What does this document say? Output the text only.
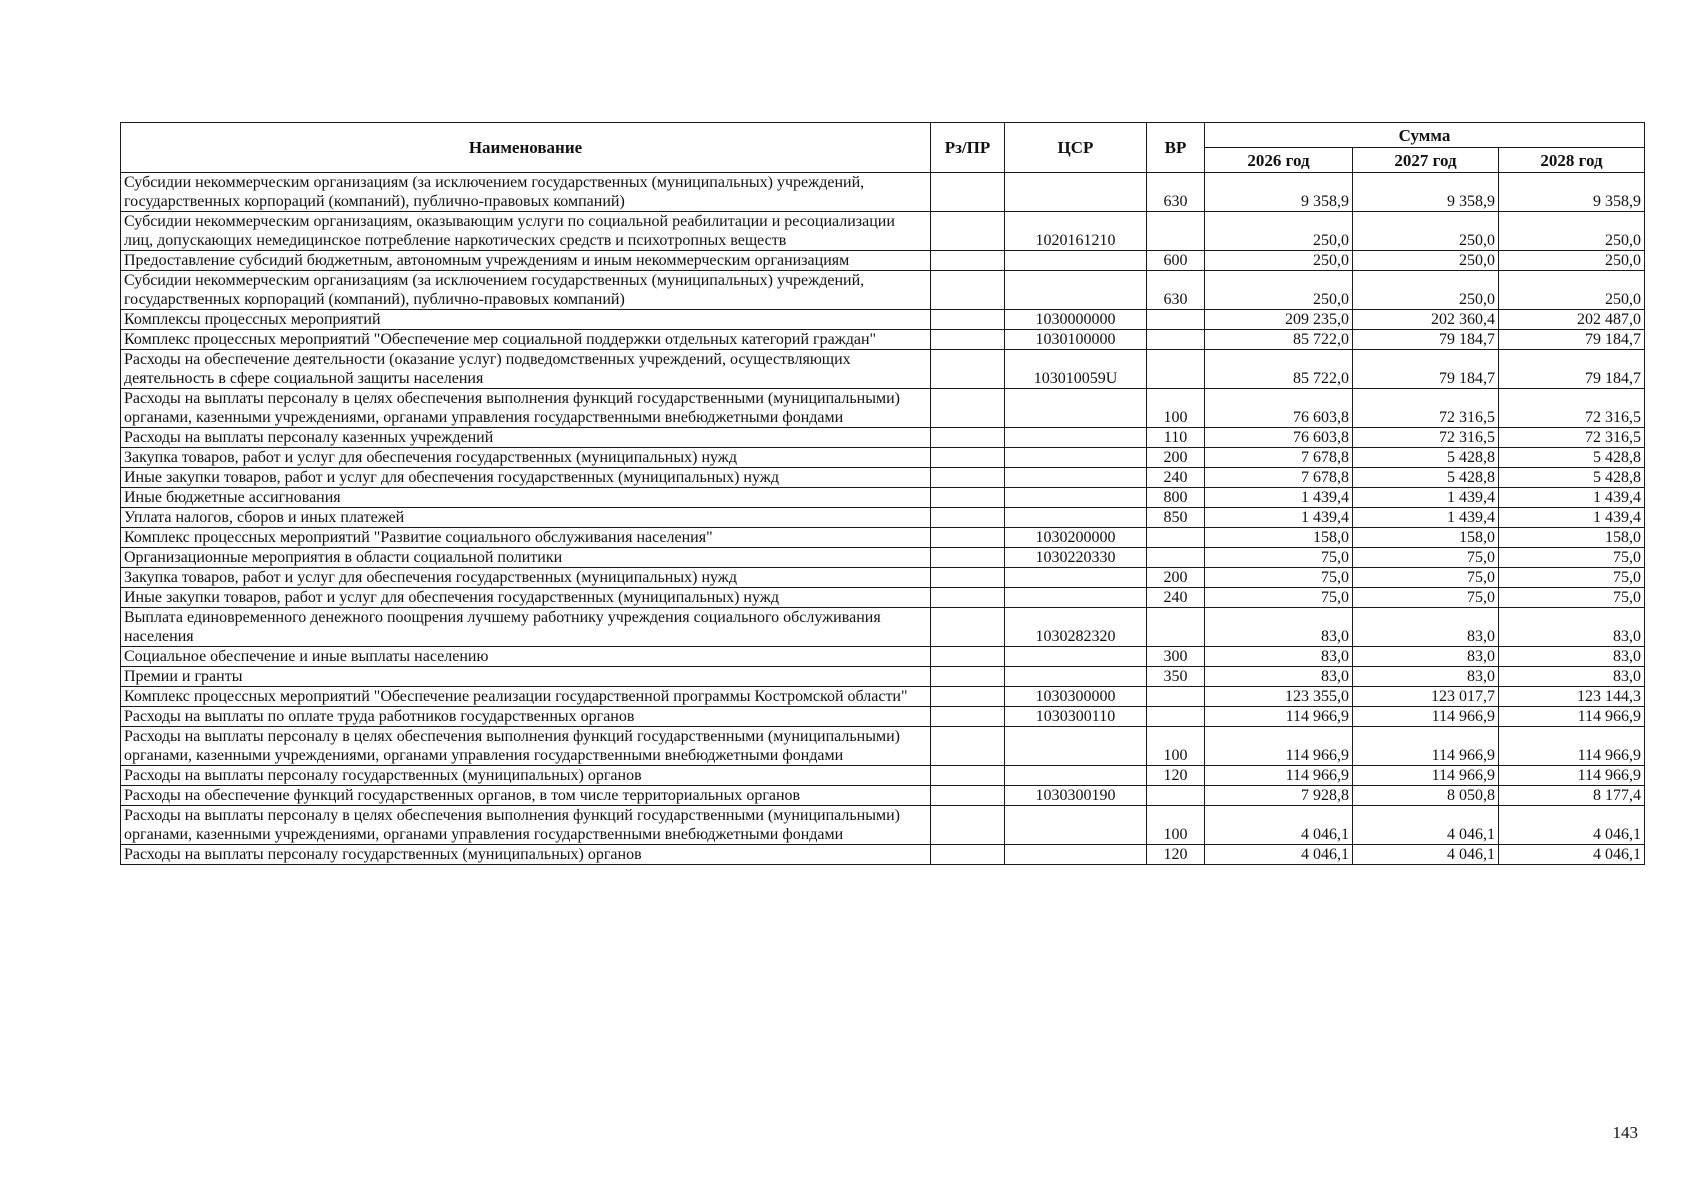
Наименование	Рз/ПР	ЦСР	ВР	Сумма		
				2026 год	2027 год	2028 год
Субсидии некоммерческим организациям (за исключением государственных (муниципальных) учреждений, государственных корпораций (компаний), публично-правовых компаний)			630	9 358,9	9 358,9	9 358,9
Субсидии некоммерческим организациям, оказывающим услуги по социальной реабилитации и ресоциализации лиц, допускающих немедицинское потребление наркотических средств и психотропных веществ		1020161210		250,0	250,0	250,0
Предоставление субсидий бюджетным, автономным учреждениям и иным некоммерческим организациям			600	250,0	250,0	250,0
Субсидии некоммерческим организациям (за исключением государственных (муниципальных) учреждений, государственных корпораций (компаний), публично-правовых компаний)			630	250,0	250,0	250,0
Комплексы процессных мероприятий		1030000000		209 235,0	202 360,4	202 487,0
Комплекс процессных мероприятий "Обеспечение мер социальной поддержки отдельных категорий граждан"		1030100000		85 722,0	79 184,7	79 184,7
Расходы на обеспечение деятельности (оказание услуг) подведомственных учреждений, осуществляющих деятельность в сфере социальной защиты населения		103010059U		85 722,0	79 184,7	79 184,7
Расходы на выплаты персоналу в целях обеспечения выполнения функций государственными (муниципальными) органами, казенными учреждениями, органами управления государственными внебюджетными фондами			100	76 603,8	72 316,5	72 316,5
Расходы на выплаты персоналу казенных учреждений			110	76 603,8	72 316,5	72 316,5
Закупка товаров, работ и услуг для обеспечения государственных (муниципальных) нужд			200	7 678,8	5 428,8	5 428,8
Иные закупки товаров, работ и услуг для обеспечения государственных (муниципальных) нужд			240	7 678,8	5 428,8	5 428,8
Иные бюджетные ассигнования			800	1 439,4	1 439,4	1 439,4
Уплата налогов, сборов и иных платежей			850	1 439,4	1 439,4	1 439,4
Комплекс процессных мероприятий "Развитие социального обслуживания населения"		1030200000		158,0	158,0	158,0
Организационные мероприятия в области социальной политики		1030220330		75,0	75,0	75,0
Закупка товаров, работ и услуг для обеспечения государственных (муниципальных) нужд			200	75,0	75,0	75,0
Иные закупки товаров, работ и услуг для обеспечения государственных (муниципальных) нужд			240	75,0	75,0	75,0
Выплата единовременного денежного поощрения лучшему работнику учреждения социального обслуживания населения		1030282320		83,0	83,0	83,0
Социальное обеспечение и иные выплаты населению			300	83,0	83,0	83,0
Премии и гранты			350	83,0	83,0	83,0
Комплекс процессных мероприятий "Обеспечение реализации государственной программы Костромской области"		1030300000		123 355,0	123 017,7	123 144,3
Расходы на выплаты по оплате труда работников государственных органов		1030300110		114 966,9	114 966,9	114 966,9
Расходы на выплаты персоналу в целях обеспечения выполнения функций государственными (муниципальными) органами, казенными учреждениями, органами управления государственными внебюджетными фондами			100	114 966,9	114 966,9	114 966,9
Расходы на выплаты персоналу государственных (муниципальных) органов			120	114 966,9	114 966,9	114 966,9
Расходы на обеспечение функций государственных органов, в том числе территориальных органов		1030300190		7 928,8	8 050,8	8 177,4
Расходы на выплаты персоналу в целях обеспечения выполнения функций государственными (муниципальными) органами, казенными учреждениями, органами управления государственными внебюджетными фондами			100	4 046,1	4 046,1	4 046,1
Расходы на выплаты персоналу государственных (муниципальных) органов			120	4 046,1	4 046,1	4 046,1
143
